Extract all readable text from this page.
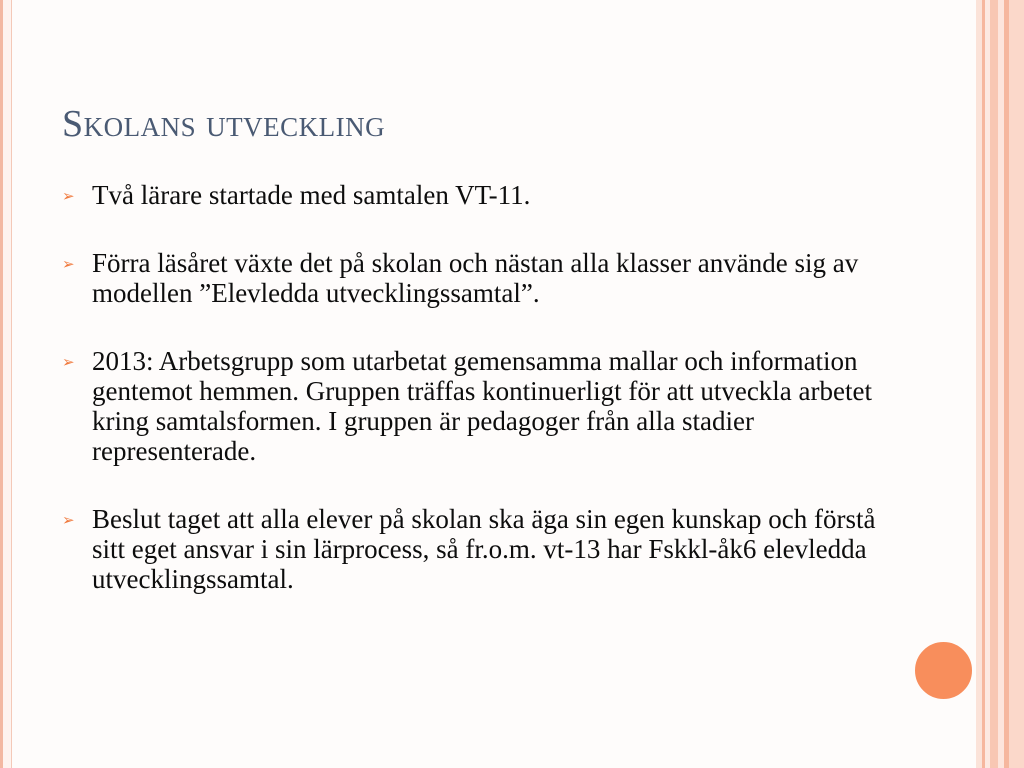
Skolans utveckling
➢ Två lärare startade med samtalen VT-11.
➢ Förra läsåret växte det på skolan och nästan alla klasser använde sig av modellen ”Elevledda utvecklingssamtal”.
➢ 2013: Arbetsgrupp som utarbetat gemensamma mallar och information gentemot hemmen. Gruppen träffas kontinuerligt för att utveckla arbetet kring samtalsformen. I gruppen är pedagoger från alla stadier representerade.
➢ Beslut taget att alla elever på skolan ska äga sin egen kunskap och förstå sitt eget ansvar i sin lärprocess, så fr.o.m. vt-13 har Fskkl-åk6 elevledda utvecklingssamtal.
